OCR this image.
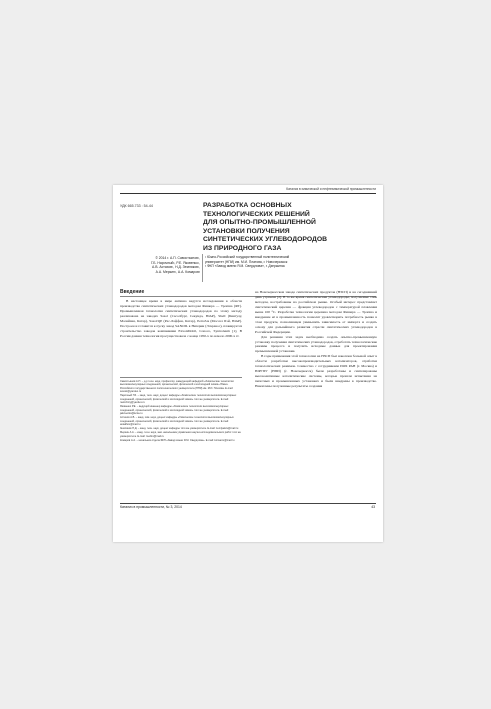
Катализ в химической и нефтехимической промышленности
УДК 665.733 : 54-44	РАЗРАБОТКА ОСНОВНЫХ
ТЕХНОЛОГИЧЕСКИХ РЕШЕНИЙ
ДЛЯ ОПЫТНО-ПРОМЫШЛЕННОЙ
УСТАНОВКИ ПОЛУЧЕНИЯ
СИНТЕТИЧЕСКИХ УГЛЕВОДОРОДОВ
ИЗ ПРИРОДНОГО ГАЗА
© 2014 г. А.П. Савостьянов¹,
Г.Б. Нарочный¹, Р.Е. Яковенко¹,
А.В. Астахов¹, Н.Д. Земляков¹,
А.А. Меркин¹, А.А. Комаров²
¹ Южно-Российский государственный политехнический
университет (НПИ) им. М.И. Платова, г. Новочеркасск
² ФКП «Завод имени Я.М. Свердлова», г. Дзержинск
Введение

В настоящее время в мире активно ведутся исследования в области производства синтетических углеводородов методом Фишера — Тропша (ФТ). Промышленная технология синтетических углеводородов по этому методу реализована на заводах Sasol (Сасолбург, Секунда, ЮАР), Shell (Бинтулу, Малайзия, Катар), Sasol/QP (Рас-Лаффан, Катар), PetroSA (Моссел Бэй, ЮАР). Построен и готовится к пуску завод SANOIL в Нигерии (Эскравос), планируется строительство заводов компаниями ExxonMobil, Conoco, Syntroleum [1]. В России данная технология просуществовала с конца 1950-х по начало 2000-х гг.

Савостьянов А.П. – д-р техн. наук, профессор, заведующий кафедрой «Химические технологии высокомолекулярных соединений, органической, физической и коллоидной химии» Южно-Российского государственного политехнического университета (НПИ) им. М.И. Платова. E-mail: savost@yandex.ru

Нарочный Г.Б. – канд. техн. наук, доцент кафедры «Химические технологии высокомолекулярных соединений, органической, физической и коллоидной химии» того же университета. E-mail: narochniy@yandex.ru

Яковенко Р.Е. – ведущий инженер кафедры «Химические технологии высокомолекулярных соединений, органической, физической и коллоидной химии» того же университета. E-mail: jakovenko@lenta.ru

Астахов А.В. – канд. хим. наук, доцент кафедры «Химические технологии высокомолекулярных соединений, органической, физической и коллоидной химии» того же университета. E-mail: astakhov@mail.ru

Земляков Н.Д. – канд. техн. наук, доцент кафедры того же университета. E-mail: zemlyakov@mail.ru

Меркин А.А. – канд. техн. наук, зам. начальника управления научно-исследовательских работ того же университета. E-mail: merkin@mail.ru

Комаров А.А. – начальник отдела ФКП «Завод имени Я.М. Свердлова». E-mail: komarov@mail.ru

на Новочеркасском заводе синтетических продуктов (НЗСП) и на сегодняшний день утрачена [2]. В то же время синтетические углеводороды, получаемые этим методом, востребованы на российском рынке. Особый интерес представляет синтетический церезин — фракция углеводородов с температурой плавления выше 100 °C. Разработка технологии церезина методом Фишера — Тропша и внедрение её в промышленность позволят удовлетворить потребность рынка в этом продукте, позволяющем уменьшить зависимость от импорта и создать основу для дальнейшего развития отрасли синтетических углеводородов в Российской Федерации.

Для решения этих задач необходимо создать опытно-промышленную установку получения синтетических углеводородов, отработать технологические режимы процесса и получить исходные данные для проектирования промышленной установки.

В годы применения этой технологии на НЗСП был накоплен большой опыт в области разработки высокопроизводительных катализаторов, отработки технологических режимов. Совместно с сотрудниками ИОХ РАН (г. Москва) и ЮРГПУ (НПИ) (г. Новочеркасск) были разработаны и синтезированы высокоактивные каталитические системы, которые прошли испытания на пилотных и промышленных установках и были внедрены в производство. Накоплены полученные результаты создания

Катализ в промышленности, № 3, 2014	43
